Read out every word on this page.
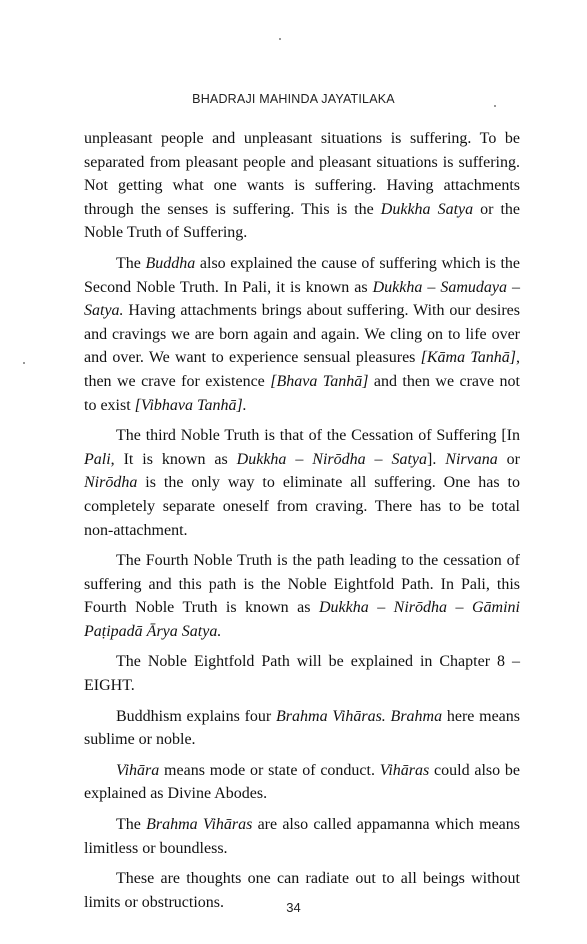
BHADRAJI MAHINDA JAYATILAKA

unpleasant people and unpleasant situations is suffering. To be separated from pleasant people and pleasant situations is suffering. Not getting what one wants is suffering. Having attachments through the senses is suffering. This is the Dukkha Satya or the Noble Truth of Suffering.

The Buddha also explained the cause of suffering which is the Second Noble Truth. In Pali, it is known as Dukkha – Samudaya – Satya. Having attachments brings about suffering. With our desires and cravings we are born again and again. We cling on to life over and over. We want to experience sensual pleasures [Kāma Tanhā], then we crave for existence [Bhava Tanhā] and then we crave not to exist [Vibhava Tanhā].

The third Noble Truth is that of the Cessation of Suffering [In Pali, It is known as Dukkha – Nirōdha – Satya]. Nirvana or Nirōdha is the only way to eliminate all suffering. One has to completely separate oneself from craving. There has to be total non-attachment.

The Fourth Noble Truth is the path leading to the cessation of suffering and this path is the Noble Eightfold Path. In Pali, this Fourth Noble Truth is known as Dukkha – Nirōdha – Gāmini Paṭipadā Ārya Satya.

The Noble Eightfold Path will be explained in Chapter 8 – EIGHT.

Buddhism explains four Brahma Vihāras. Brahma here means sublime or noble.

Vihāra means mode or state of conduct. Vihāras could also be explained as Divine Abodes.

The Brahma Vihāras are also called appamanna which means limitless or boundless.

These are thoughts one can radiate out to all beings without limits or obstructions.	34
